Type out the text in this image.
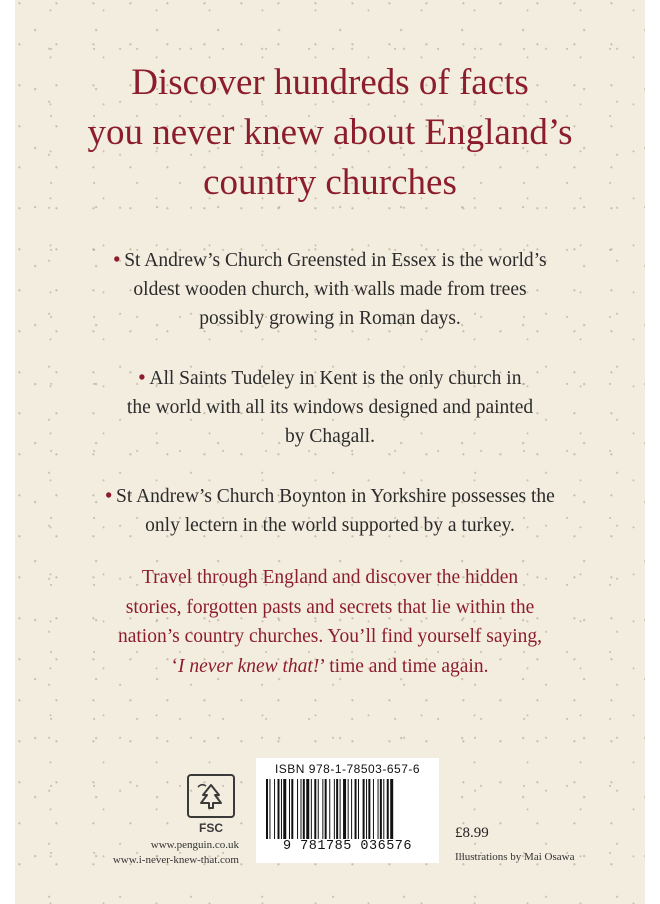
Discover hundreds of facts
you never knew about England’s
country churches
• St Andrew’s Church Greensted in Essex is the world’s
oldest wooden church, with walls made from trees
possibly growing in Roman days.
• All Saints Tudeley in Kent is the only church in
the world with all its windows designed and painted
by Chagall.
• St Andrew’s Church Boynton in Yorkshire possesses the
only lectern in the world supported by a turkey.
Travel through England and discover the hidden
stories, forgotten pasts and secrets that lie within the
nation’s country churches. You’ll find yourself saying,
‘I never knew that!’ time and time again.
FSC
www.penguin.co.uk
www.i-never-knew-that.com
ISBN 978-1-78503-657-6
9 781785 036576
£8.99
Illustrations by Mai Osawa
